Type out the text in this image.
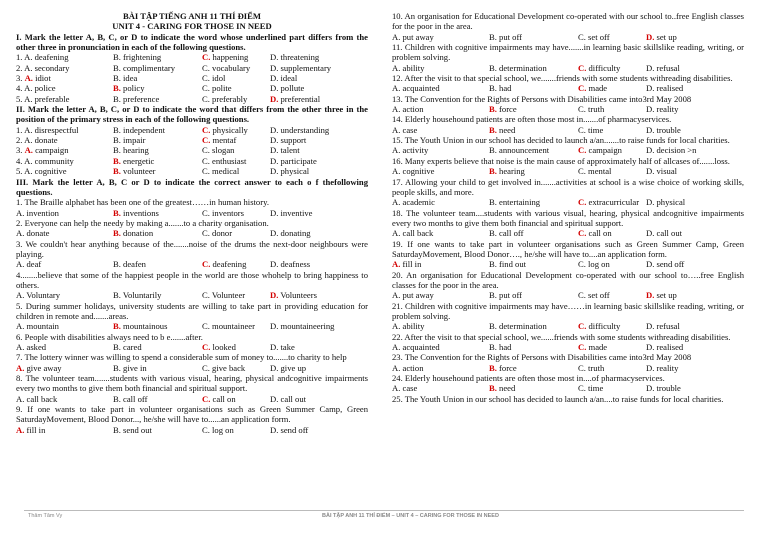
BÀI TẬP TIẾNG ANH 11 THÍ ĐIỂM
UNIT 4 - CARING FOR THOSE IN NEED
I. Mark the letter A, B, C, or D to indicate the word whose underlined part differs from the other three in pronunciation in each of the following questions.
1. A. deafening	B. frightening	C. happening	D. threatening
2. A. secondary	B. complimentary	C. vocabulary	D. supplementary
3. A. idiot	B. idea	C. idol	D. ideal
4. A. police	B. policy	C. polite	D. pollute
5. A. preferable	B. preference	C. preferably	D. preferential
II. Mark the letter A, B, C, or D to indicate the word that differs from the other three in the position of the primary stress in each of the following questions.
1. A. disrespectful	B. independent	C. physically	D. understanding
2. A. donate	B. impair	C. mentaf	D. support
3. A. campaign	B. hearing	C. slogan	D. talent
4. A. community	B. energetic	C. enthusiast	D. participate
5. A. cognitive	B. volunteer	C. medical	D. physical
III. Mark the letter A, B, C or D to indicate the correct answer to each o f thefollowing questions.
1. The Braille alphabet has been one of the greatest……in human history.
A. invention	B. inventions	C. inventors	D. inventive
2. Everyone can help the needy by making a.......to a charity organisation.
A. donate	B. donation	C. donor	D. donating
3. We couldn't hear anything because of the.......noise of the drums the next-door neighbours were playing.
A. deaf	B. deafen	C. deafening	D. deafness
4........believe that some of the happiest people in the world are those whohelp to bring happiness to others.
A. Voluntary	B. Voluntarily	C. Volunteer	D. Volunteers
5. During summer holidays, university students are willing to take part in providing education for children in remote and.......areas.
A. mountain	B. mountainous	C. mountaineer	D. mountaineering
6. People with disabilities always need to b e.......after.
A. asked	B. cared	C. looked	D. take
7. The lottery winner was willing to spend a considerable sum of money to.......to charity to help
A. give away	B. give in	C. give back	D. give up
8. The volunteer team.......students with various visual, hearing, physical andcognitive impairments every two months to give them both financial and spiritual support.
A. call back	B. call off	C. call on	D. call out
9. If one wants to take part in volunteer organisations such as Green Summer Camp, Green SaturdayMovement, Blood Donor..., he/she will have to......an application form.
A. fill in	B. send out	C. log on	D. send off
10. An organisation for Educational Development co-operated with our school to..free English classes for the poor in the area.
A. put away	B. put off	C. set off	D. set up
11. Children with cognitive impairments may have.......in learning basic skillslike reading, writing, or problem solving.
A. ability	B. determination	C. difficulty	D. refusal
12. After the visit to that special school, we.......friends with some students withreading disabilities.
A. acquainted	B. had	C. made	D. realised
13. The Convention for the Rights of Persons with Disabilities came into3rd May 2008
A. action	B. force	C. truth	D. reality
14. Elderly househound patients are often those most in.......of pharmacyservices.
A. case	B. need	C. time	D. trouble
15. The Youth Union in our school has decided to launch a/an.......to raise funds for local charities.
A. activity	B. announcement	C. campaign	D. decision >n
16. Many experts believe that noise is the main cause of approximately half of allcases of.......loss.
A. cognitive	B. hearing	C. mental	D. visual
17. Allowing your child to get involved in.......activities at school is a wise choice of working skills, people skills, and more.
A. academic	B. entertaining	C. extracurricular D. physical
18. The volunteer team....students with various visual, hearing, physical andcognitive impairments every two months to give them both financial and spiritual support.
A. call back	B. call off	C. call on	D. call out
19. If one wants to take part in volunteer organisations such as Green Summer Camp, Green SaturdayMovement, Blood Donor…., he/she will have to....an application form.
A. fill in	B. find out	C. log on	D. send off
20. An organisation for Educational Development co-operated with our school to…..free English classes for the poor in the area.
A. put away	B. put off	C. set off	D. set up
21. Children with cognitive impairments may have……in learning basic skillslike reading, writing, or problem solving.
A. ability	B. determination	C. difficulty	D. refusal
22. After the visit to that special school, we......friends with some students withreading disabilities.
A. acquainted	B. had	C. made	D. realised
23. The Convention for the Rights of Persons with Disabilities came into3rd May 2008
A. action	B. force	C. truth	D. reality
24. Elderly househound patients are often those most in....of pharmacyservices.
A. case	B. need	C. time	D. trouble
25. The Youth Union in our school has decided to launch a/an....to raise funds for local charities.
Thâm Tâm Vy	BÀI TẬP ANH 11 THÍ ĐIỂM – UNIT 4 – CARING FOR THOSE IN NEED
